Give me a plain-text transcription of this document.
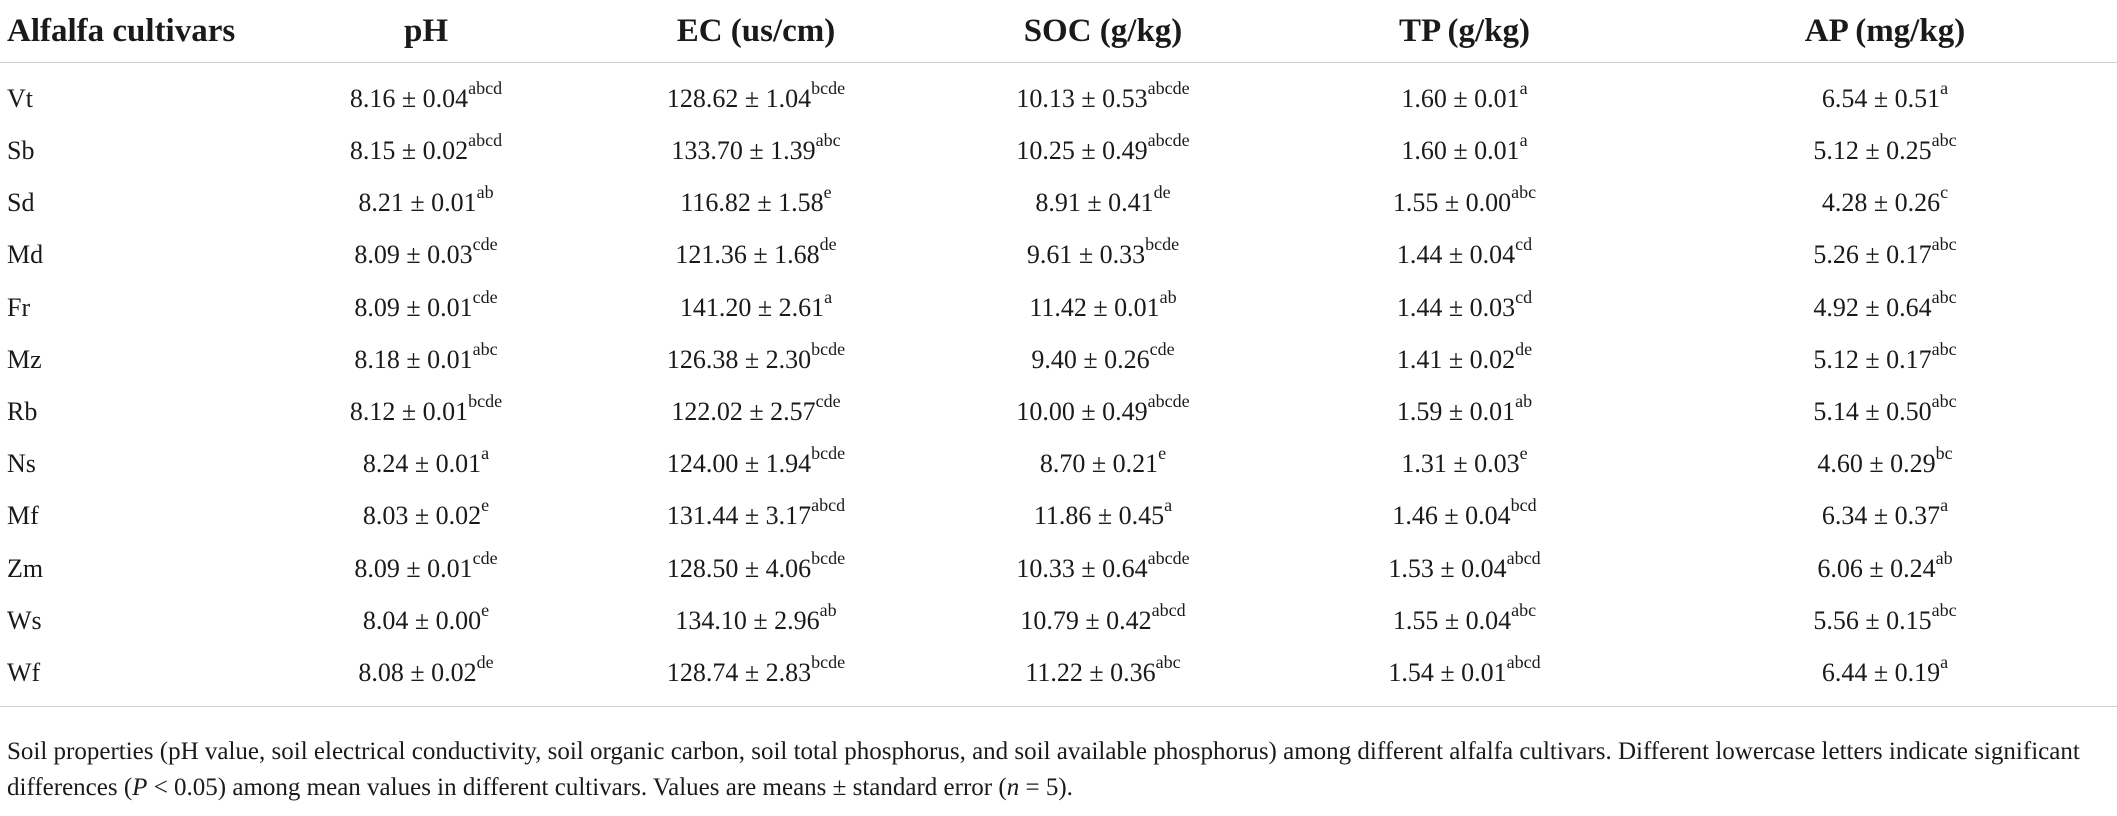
Alfalfa cultivars	pH	EC (us/cm)	SOC (g/kg)	TP (g/kg)	AP (mg/kg)
Vt	$8.16 \pm 0.04^{abcd}$	$128.62 \pm 1.04^{bcde}$	$10.13 \pm 0.53^{abcde}$	1.60 ± 0.01$^a$	6.54 ± 0.51$^a$
Sb	$8.15 \pm 0.02^{abcd}$	133.70 ± 1.39$^{abc}$	$10.25 \pm 0.49^{abcde}$	1.60 ± 0.01$^a$	5.12 ± 0.25$^{abc}$
Sd	8.21 ± 0.01$^{ab}$	116.82 ± 1.58$^e$	8.91 ± 0.41de	1.55 ± 0.00$^{abc}$	4.28 ± 0.26$^c$
Md	8.09 ± 0.03$^{cde}$	121.36 ± 1.68de	$9.61 \pm 0.33^{bcde}$	1.44 ± 0.04$^{cd}$	5.26 ± 0.17$^{abc}$
Fr	8.09 ± 0.01$^{cde}$	141.20 ± 2.61$^a$	11.42 ± 0.01$^{ab}$	1.44 ± 0.03$^{cd}$	4.92 ± 0.64$^{abc}$
Mz	8.18 ± 0.01$^{abc}$	$126.38 \pm 2.30^{bcde}$	9.40 ± 0.26$^{cde}$	1.41 ± 0.02de	5.12 ± 0.17$^{abc}$
Rb	$8.12 \pm 0.01^{bcde}$	122.02 ± 2.57$^{cde}$	$10.00 \pm 0.49^{abcde}$	1.59 ± 0.01$^{ab}$	5.14 ± 0.50$^{abc}$
Ns	8.24 ± 0.01$^a$	$124.00 \pm 1.94^{bcde}$	8.70 ± 0.21$^e$	1.31 ± 0.03$^e$	4.60 ± 0.29$^{bc}$
Mf	8.03 ± 0.02$^e$	$131.44 \pm 3.17^{abcd}$	11.86 ± 0.45$^a$	1.46 ± 0.04$^{bcd}$	6.34 ± 0.37$^a$
Zm	8.09 ± 0.01$^{cde}$	$128.50 \pm 4.06^{bcde}$	$10.33 \pm 0.64^{abcde}$	$1.53 \pm 0.04^{abcd}$	6.06 ± 0.24$^{ab}$
Ws	8.04 ± 0.00$^e$	134.10 ± 2.96$^{ab}$	$10.79 \pm 0.42^{abcd}$	1.55 ± 0.04$^{abc}$	5.56 ± 0.15$^{abc}$
Wf	8.08 ± 0.02de	$128.74 \pm 2.83^{bcde}$	11.22 ± 0.36$^{abc}$	$1.54 \pm 0.01^{abcd}$	6.44 ± 0.19$^a$
Soil properties (pH value, soil electrical conductivity, soil organic carbon, soil total phosphorus, and soil available phosphorus) among different alfalfa cultivars. Different lowercase letters indicate significant differences (P < 0.05) among mean values in different cultivars. Values are means ± standard error (n = 5).
